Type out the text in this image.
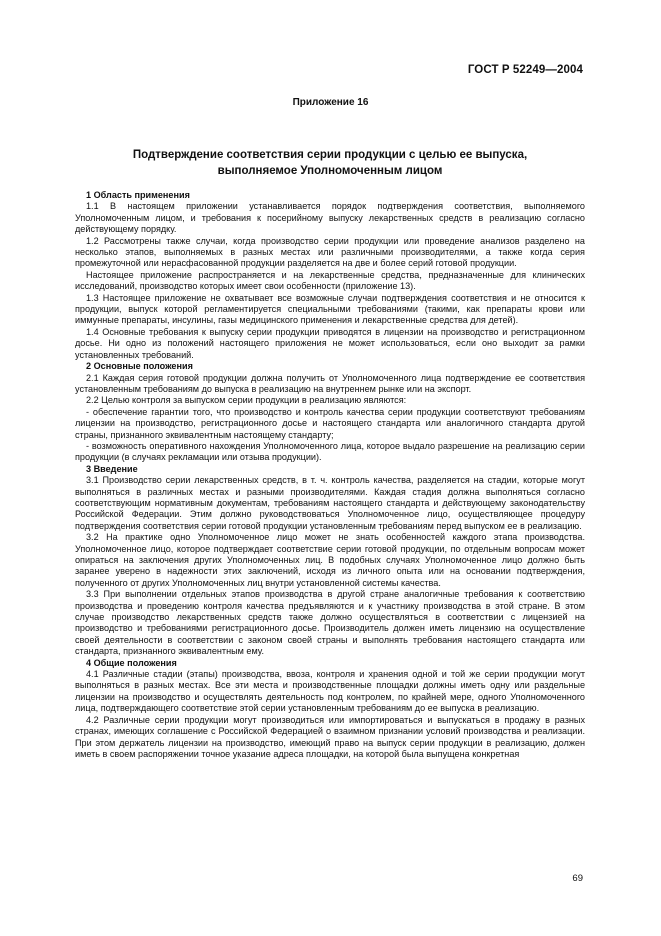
ГОСТ Р 52249—2004
Приложение 16
Подтверждение соответствия серии продукции с целью ее выпуска,
выполняемое Уполномоченным лицом

1 Область применения

1.1 В настоящем приложении устанавливается порядок подтверждения соответствия, выполняемого Уполномоченным лицом, и требования к посерийному выпуску лекарственных средств в реализацию согласно действующему порядку.

1.2 Рассмотрены также случаи, когда производство серии продукции или проведение анализов разделено на несколько этапов, выполняемых в разных местах или различными производителями, а также когда серия промежуточной или нерасфасованной продукции разделяется на две и более серий готовой продукции.

Настоящее приложение распространяется и на лекарственные средства, предназначенные для клинических исследований, производство которых имеет свои особенности (приложение 13).

1.3 Настоящее приложение не охватывает все возможные случаи подтверждения соответствия и не относится к продукции, выпуск которой регламентируется специальными требованиями (такими, как препараты крови или иммунные препараты, инсулины, газы медицинского применения и лекарственные средства для детей).

1.4 Основные требования к выпуску серии продукции приводятся в лицензии на производство и регистрационном досье. Ни одно из положений настоящего приложения не может использоваться, если оно выходит за рамки установленных требований.

2 Основные положения

2.1 Каждая серия готовой продукции должна получить от Уполномоченного лица подтверждение ее соответствия установленным требованиям до выпуска в реализацию на внутреннем рынке или на экспорт.

2.2 Целью контроля за выпуском серии продукции в реализацию являются:

- обеспечение гарантии того, что производство и контроль качества серии продукции соответствуют требованиям лицензии на производство, регистрационного досье и настоящего стандарта или аналогичного стандарта другой страны, признанного эквивалентным настоящему стандарту;

- возможность оперативного нахождения Уполномоченного лица, которое выдало разрешение на реализацию серии продукции (в случаях рекламации или отзыва продукции).

3 Введение

3.1 Производство серии лекарственных средств, в т. ч. контроль качества, разделяется на стадии, которые могут выполняться в различных местах и разными производителями. Каждая стадия должна выполняться согласно соответствующим нормативным документам, требованиям настоящего стандарта и действующему законодательству Российской Федерации. Этим должно руководствоваться Уполномоченное лицо, осуществляющее процедуру подтверждения соответствия серии готовой продукции установленным требованиям перед выпуском ее в реализацию.

3.2 На практике одно Уполномоченное лицо может не знать особенностей каждого этапа производства. Уполномоченное лицо, которое подтверждает соответствие серии готовой продукции, по отдельным вопросам может опираться на заключения других Уполномоченных лиц. В подобных случаях Уполномоченное лицо должно быть заранее уверено в надежности этих заключений, исходя из личного опыта или на основании подтверждения, полученного от других Уполномоченных лиц внутри установленной системы качества.

3.3 При выполнении отдельных этапов производства в другой стране аналогичные требования к соответствию производства и проведению контроля качества предъявляются и к участнику производства в этой стране. В этом случае производство лекарственных средств также должно осуществляться в соответствии с лицензией на производство и требованиями регистрационного досье. Производитель должен иметь лицензию на осуществление своей деятельности в соответствии с законом своей страны и выполнять требования настоящего стандарта или стандарта, признанного эквивалентным ему.

4 Общие положения

4.1 Различные стадии (этапы) производства, ввоза, контроля и хранения одной и той же серии продукции могут выполняться в разных местах. Все эти места и производственные площадки должны иметь одну или раздельные лицензии на производство и осуществлять деятельность под контролем, по крайней мере, одного Уполномоченного лица, подтверждающего соответствие этой серии установленным требованиям до ее выпуска в реализацию.

4.2 Различные серии продукции могут производиться или импортироваться и выпускаться в продажу в разных странах, имеющих соглашение с Российской Федерацией о взаимном признании условий производства и реализации. При этом держатель лицензии на производство, имеющий право на выпуск серии продукции в реализацию, должен иметь в своем распоряжении точное указание адреса площадки, на которой была выпущена конкретная

69
